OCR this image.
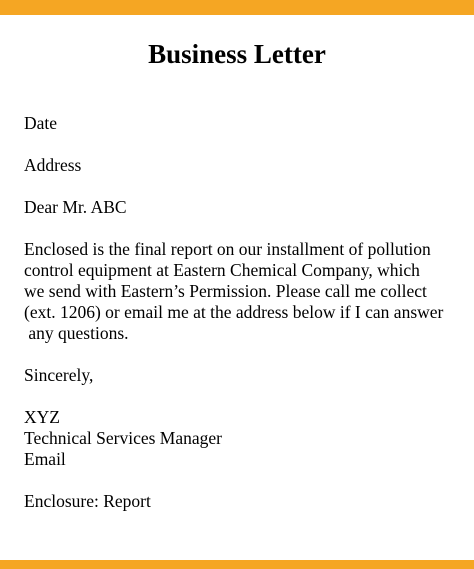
Business Letter
Date
Address
Dear Mr. ABC
Enclosed is the final report on our installment of pollution
control equipment at Eastern Chemical Company, which
we send with Eastern’s Permission. Please call me collect
(ext. 1206) or email me at the address below if I can answer
any questions.
Sincerely,
XYZ
Technical Services Manager
Email
Enclosure: Report
